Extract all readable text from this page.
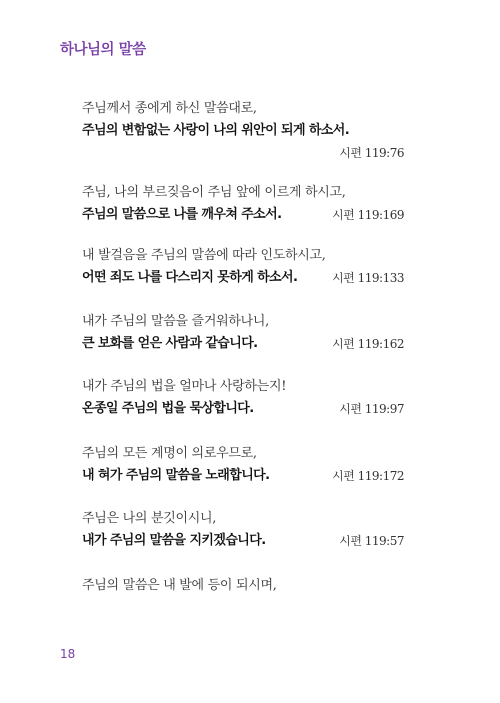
하나님의 말씀
주님께서 종에게 하신 말씀대로,
주님의 변함없는 사랑이 나의 위안이 되게 하소서.
시편 119:76
주님, 나의 부르짖음이 주님 앞에 이르게 하시고,
주님의 말씀으로 나를 깨우쳐 주소서.	시편 119:169
내 발걸음을 주님의 말씀에 따라 인도하시고,
어떤 죄도 나를 다스리지 못하게 하소서.	시편 119:133
내가 주님의 말씀을 즐거워하나니,
큰 보화를 얻은 사람과 같습니다.	시편 119:162
내가 주님의 법을 얼마나 사랑하는지!
온종일 주님의 법을 묵상합니다.	시편 119:97
주님의 모든 계명이 의로우므로,
내 혀가 주님의 말씀을 노래합니다.	시편 119:172
주님은 나의 분깃이시니,
내가 주님의 말씀을 지키겠습니다.	시편 119:57
주님의 말씀은 내 발에 등이 되시며,
18
